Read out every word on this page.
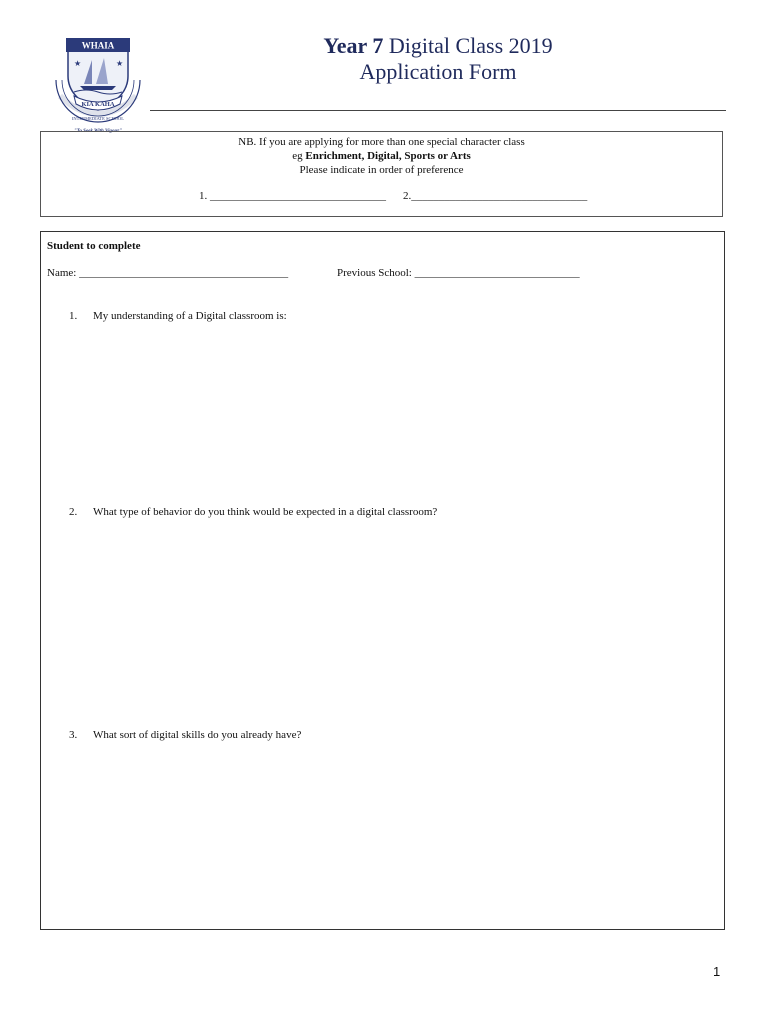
WHAIA
★	★
KIA KAHA
INTERMEDIATE SCHOOL
"To Seek With Vigour"
Year 7 Digital Class 2019
Application Form
NB. If you are applying for more than one special character class
eg Enrichment, Digital, Sports or Arts
Please indicate in order of preference
1. ________________________________ 2.________________________________
Student to complete
Name: ______________________________________	Previous School: ______________________________
1. My understanding of a Digital classroom is:
2. What type of behavior do you think would be expected in a digital classroom?
3. What sort of digital skills do you already have?
1
